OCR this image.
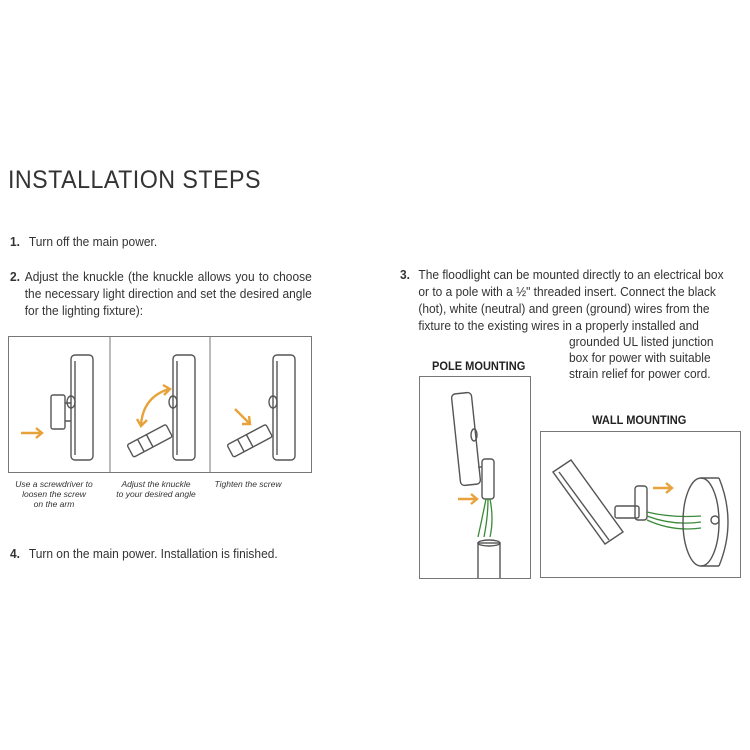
INSTALLATION STEPS
1. Turn off the main power.
2. Adjust the knuckle (the knuckle allows you to choose the necessary light direction and set the desired angle for the lighting fixture):
Use a screwdriver to
loosen the screw
on the arm
Adjust the knuckle
to your desired angle
Tighten the screw
4. Turn on the main power. Installation is finished.
3. The floodlight can be mounted directly to an electrical box
or to a pole with a ½" threaded insert. Connect the black
(hot), white (neutral) and green (ground) wires from the
fixture to the existing wires in a properly installed and
grounded UL listed junction
box for power with suitable
strain relief for power cord.
POLE MOUNTING
WALL MOUNTING
